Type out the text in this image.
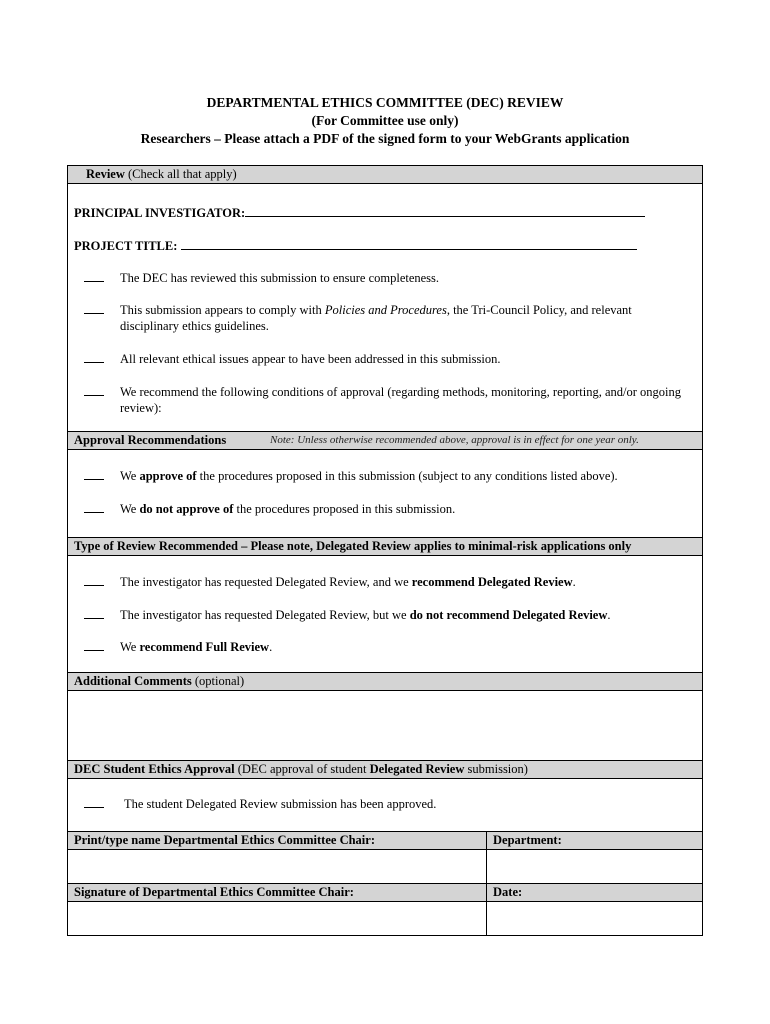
DEPARTMENTAL ETHICS COMMITTEE (DEC) REVIEW
(For Committee use only)
Researchers – Please attach a PDF of the signed form to your WebGrants application
Review (Check all that apply)
PRINCIPAL INVESTIGATOR:
PROJECT TITLE:
The DEC has reviewed this submission to ensure completeness.
This submission appears to comply with Policies and Procedures, the Tri-Council Policy, and relevant
disciplinary ethics guidelines.
All relevant ethical issues appear to have been addressed in this submission.
We recommend the following conditions of approval (regarding methods, monitoring, reporting, and/or ongoing review):
Approval Recommendations	Note: Unless otherwise recommended above, approval is in effect for one year only.
We approve of the procedures proposed in this submission (subject to any conditions listed above).
We do not approve of the procedures proposed in this submission.
Type of Review Recommended – Please note, Delegated Review applies to minimal-risk applications only
The investigator has requested Delegated Review, and we recommend Delegated Review.
The investigator has requested Delegated Review, but we do not recommend Delegated Review.
We recommend Full Review.
Additional Comments (optional)
DEC Student Ethics Approval (DEC approval of student Delegated Review submission)
The student Delegated Review submission has been approved.
Print/type name Departmental Ethics Committee Chair:	Department:
Signature of Departmental Ethics Committee Chair:	Date:
